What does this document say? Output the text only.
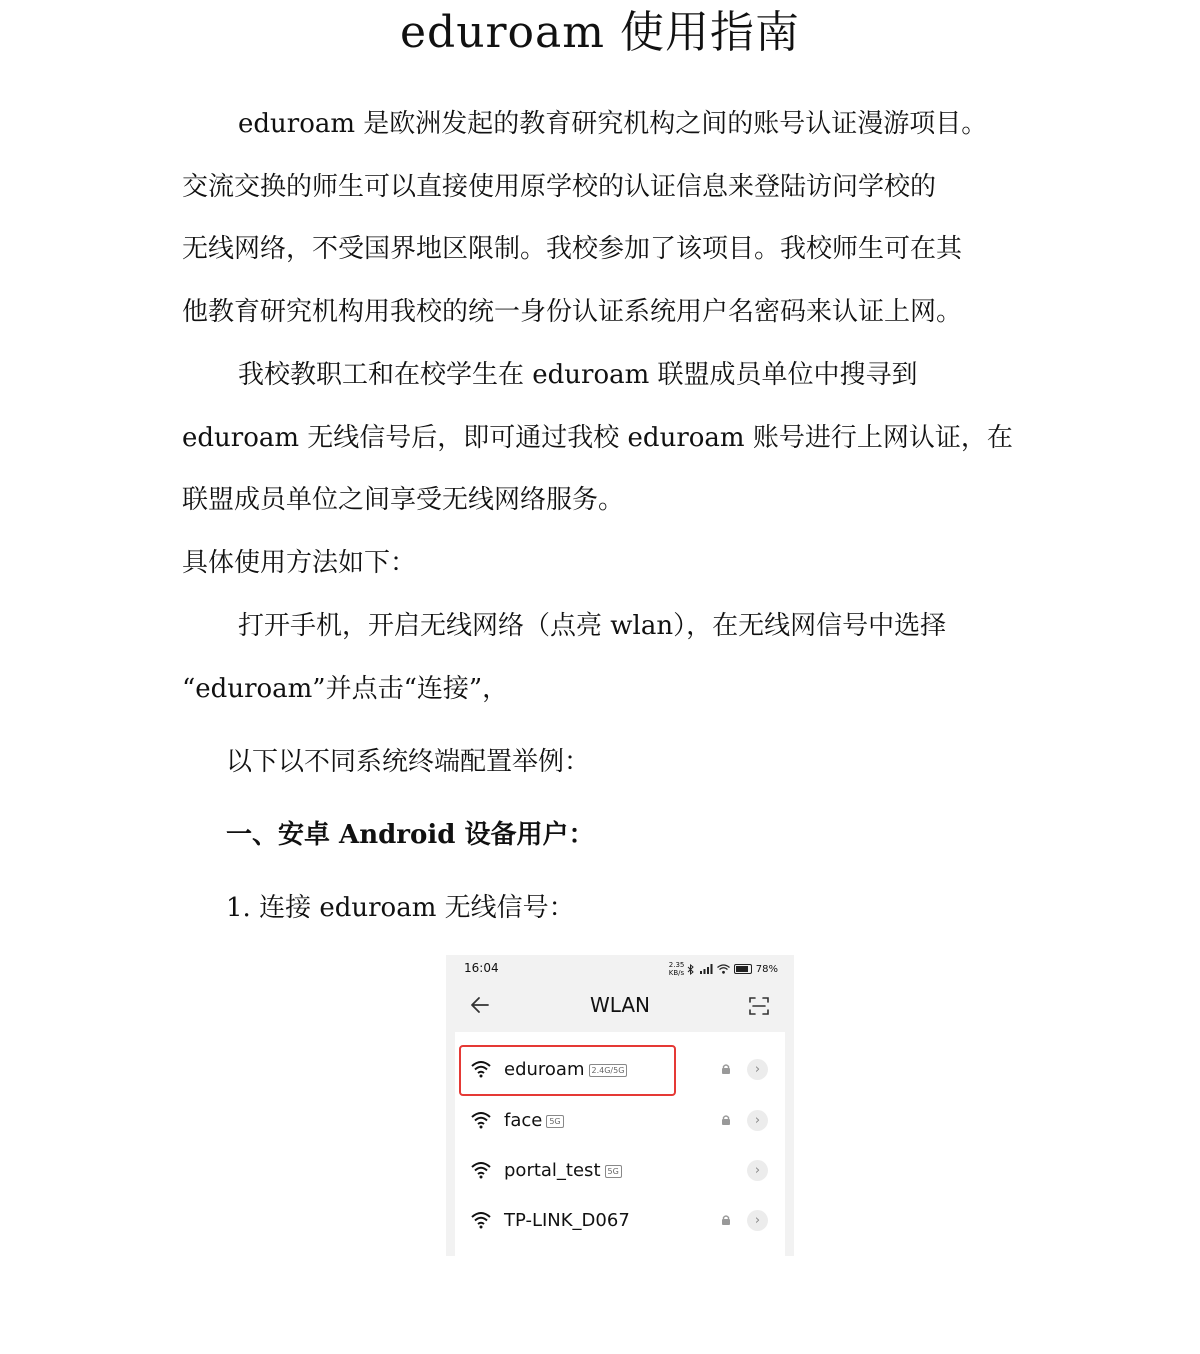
eduroam 使用指南
eduroam 是欧洲发起的教育研究机构之间的账号认证漫游项目。
交流交换的师生可以直接使用原学校的认证信息来登陆访问学校的
无线网络，不受国界地区限制。我校参加了该项目。我校师生可在其
他教育研究机构用我校的统一身份认证系统用户名密码来认证上网。
我校教职工和在校学生在 eduroam 联盟成员单位中搜寻到
eduroam 无线信号后，即可通过我校 eduroam 账号进行上网认证，在
联盟成员单位之间享受无线网络服务。
具体使用方法如下：
打开手机，开启无线网络（点亮 wlan），在无线网信号中选择
“eduroam”并点击“连接”，
以下以不同系统终端配置举例：
一、安卓 Android 设备用户：
1. 连接 eduroam 无线信号：
16:04	2.35 KB/s	78%
WLAN
eduroam 2.4G/5G	›
face 5G	›
portal_test 5G	›
TP-LINK_D067	›
